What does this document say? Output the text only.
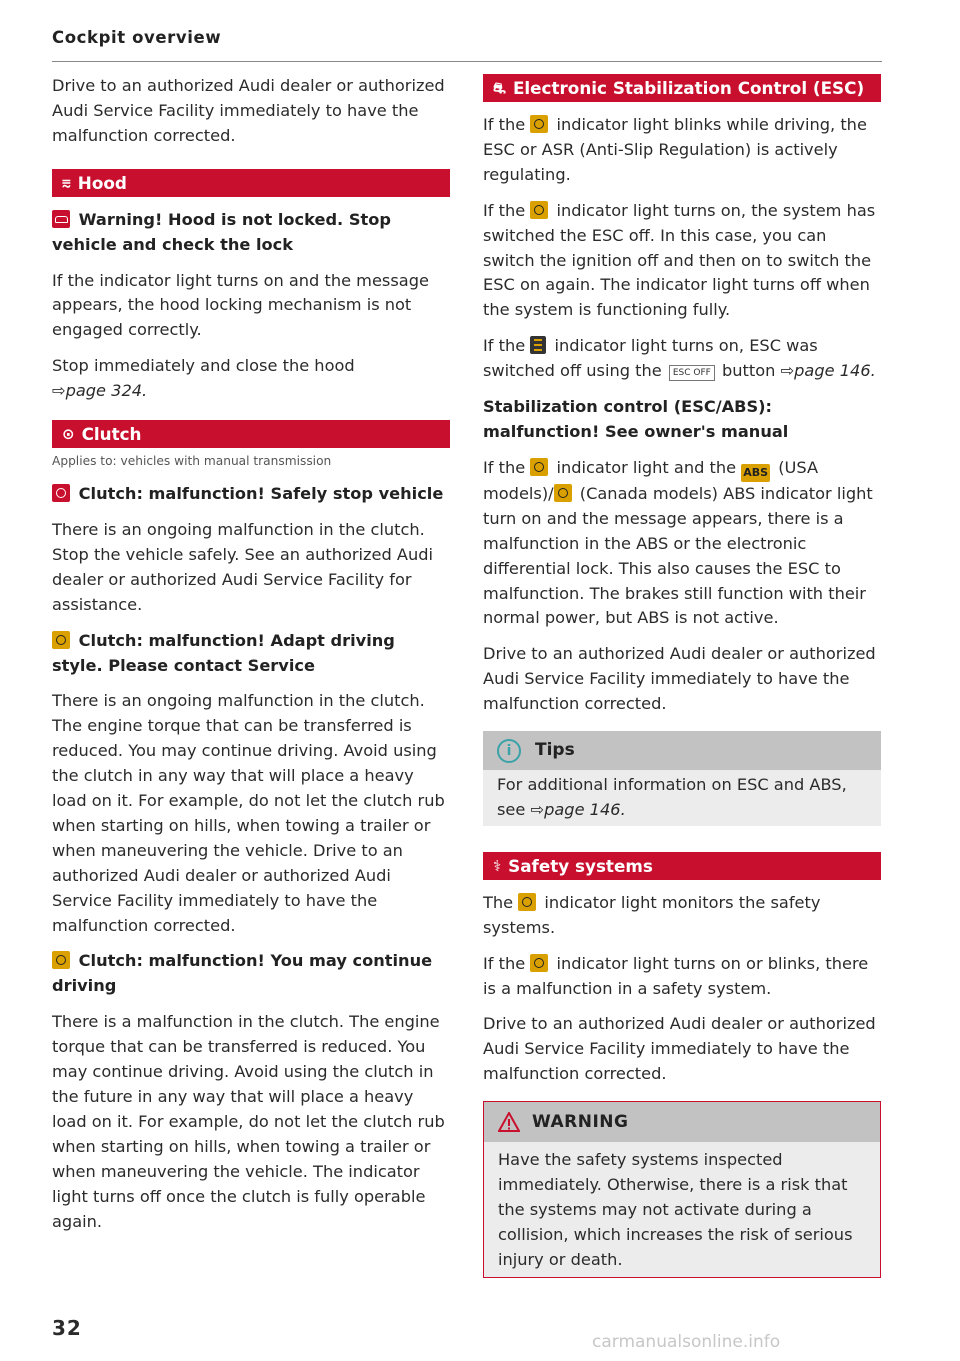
Cockpit overview

Drive to an authorized Audi dealer or authorized Audi Service Facility immediately to have the malfunction corrected.

⩳ Hood
Warning! Hood is not locked. Stop vehicle and check the lock

If the indicator light turns on and the message appears, the hood locking mechanism is not engaged correctly.

Stop immediately and close the hood
⇨page 324.

⊙ Clutch
Applies to: vehicles with manual transmission
Clutch: malfunction! Safely stop vehicle

There is an ongoing malfunction in the clutch. Stop the vehicle safely. See an authorized Audi dealer or authorized Audi Service Facility for assistance.

Clutch: malfunction! Adapt driving style. Please contact Service

There is an ongoing malfunction in the clutch. The engine torque that can be transferred is reduced. You may continue driving. Avoid using the clutch in any way that will place a heavy load on it. For example, do not let the clutch rub when starting on hills, when towing a trailer or when maneuvering the vehicle. Drive to an authorized Audi dealer or authorized Audi Service Facility immediately to have the malfunction corrected.

Clutch: malfunction! You may continue driving

There is a malfunction in the clutch. The engine torque that can be transferred is reduced. You may continue driving. Avoid using the clutch in the future in any way that will place a heavy load on it. For example, do not let the clutch rub when starting on hills, when towing a trailer or when maneuvering the vehicle. The indicator light turns off once the clutch is fully operable again.

⛐ Electronic Stabilization Control (ESC)

If the indicator light blinks while driving, the ESC or ASR (Anti-Slip Regulation) is actively regulating.

If the indicator light turns on, the system has switched the ESC off. In this case, you can switch the ignition off and then on to switch the ESC on again. The indicator light turns off when the system is functioning fully.

If the indicator light turns on, ESC was switched off using the ESC OFF button ⇨page 146.

Stabilization control (ESC/ABS): malfunction! See owner's manual

If the indicator light and the ABS (USA models)/ (Canada models) ABS indicator light turn on and the message appears, there is a malfunction in the ABS or the electronic differential lock. This also causes the ESC to malfunction. The brakes still function with their normal power, but ABS is not active.

Drive to an authorized Audi dealer or authorized Audi Service Facility immediately to have the malfunction corrected.

i	Tips

For additional information on ESC and ABS, see ⇨page 146.

⚕ Safety systems

The indicator light monitors the safety systems.

If the indicator light turns on or blinks, there is a malfunction in a safety system.

Drive to an authorized Audi dealer or authorized Audi Service Facility immediately to have the malfunction corrected.

WARNING

Have the safety systems inspected immediately. Otherwise, there is a risk that the systems may not activate during a collision, which increases the risk of serious injury or death.

32
carmanualsonline.info
